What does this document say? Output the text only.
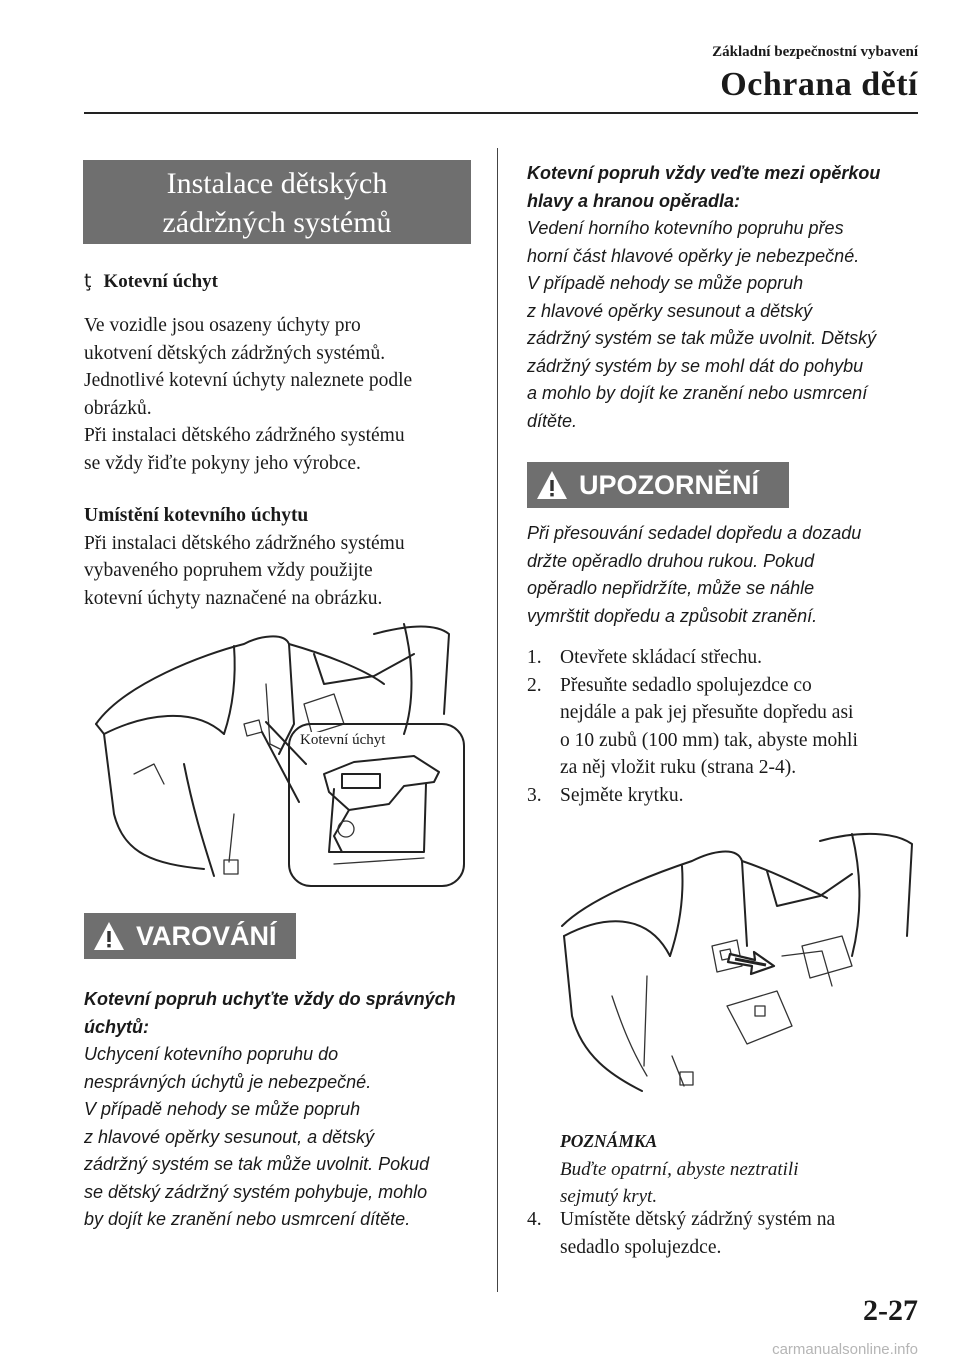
Základní bezpečnostní vybavení
Ochrana dětí
Instalace dětských
zádržných systémů
ţ Kotevní úchyt

Ve vozidle jsou osazeny úchyty pro

ukotvení dětských zádržných systémů.

Jednotlivé kotevní úchyty naleznete podle

obrázků.

Při instalaci dětského zádržného systému

se vždy řiďte pokyny jeho výrobce.

Umístění kotevního úchytu

Při instalaci dětského zádržného systému

vybaveného popruhem vždy použijte

kotevní úchyty naznačené na obrázku.

Kotevní úchyt
VAROVÁNÍ
Kotevní popruh uchyťte vždy do správných
úchytů:
Uchycení kotevního popruhu do
nesprávných úchytů je nebezpečné.
V případě nehody se může popruh
z hlavové opěrky sesunout, a dětský
zádržný systém se tak může uvolnit. Pokud
se dětský zádržný systém pohybuje, mohlo
by dojít ke zranění nebo usmrcení dítěte.
Kotevní popruh vždy veďte mezi opěrkou
hlavy a hranou opěradla:
Vedení horního kotevního popruhu přes
horní část hlavové opěrky je nebezpečné.
V případě nehody se může popruh
z hlavové opěrky sesunout a dětský
zádržný systém se tak může uvolnit. Dětský
zádržný systém by se mohl dát do pohybu
a mohlo by dojít ke zranění nebo usmrcení
dítěte.
UPOZORNĚNÍ
Při přesouvání sedadel dopředu a dozadu
držte opěradlo druhou rukou. Pokud
opěradlo nepřidržíte, může se náhle
vymrštit dopředu a způsobit zranění.
1. Otevřete skládací střechu.
2. Přesuňte sedadlo spolujezdce co
nejdále a pak jej přesuňte dopředu asi
o 10 zubů (100 mm) tak, abyste mohli
za něj vložit ruku (strana 2-4).
3. Sejměte krytku.
POZNÁMKA
Buďte opatrní, abyste neztratili
sejmutý kryt.
4. Umístěte dětský zádržný systém na
sedadlo spolujezdce.
2-27
carmanualsonline.info
